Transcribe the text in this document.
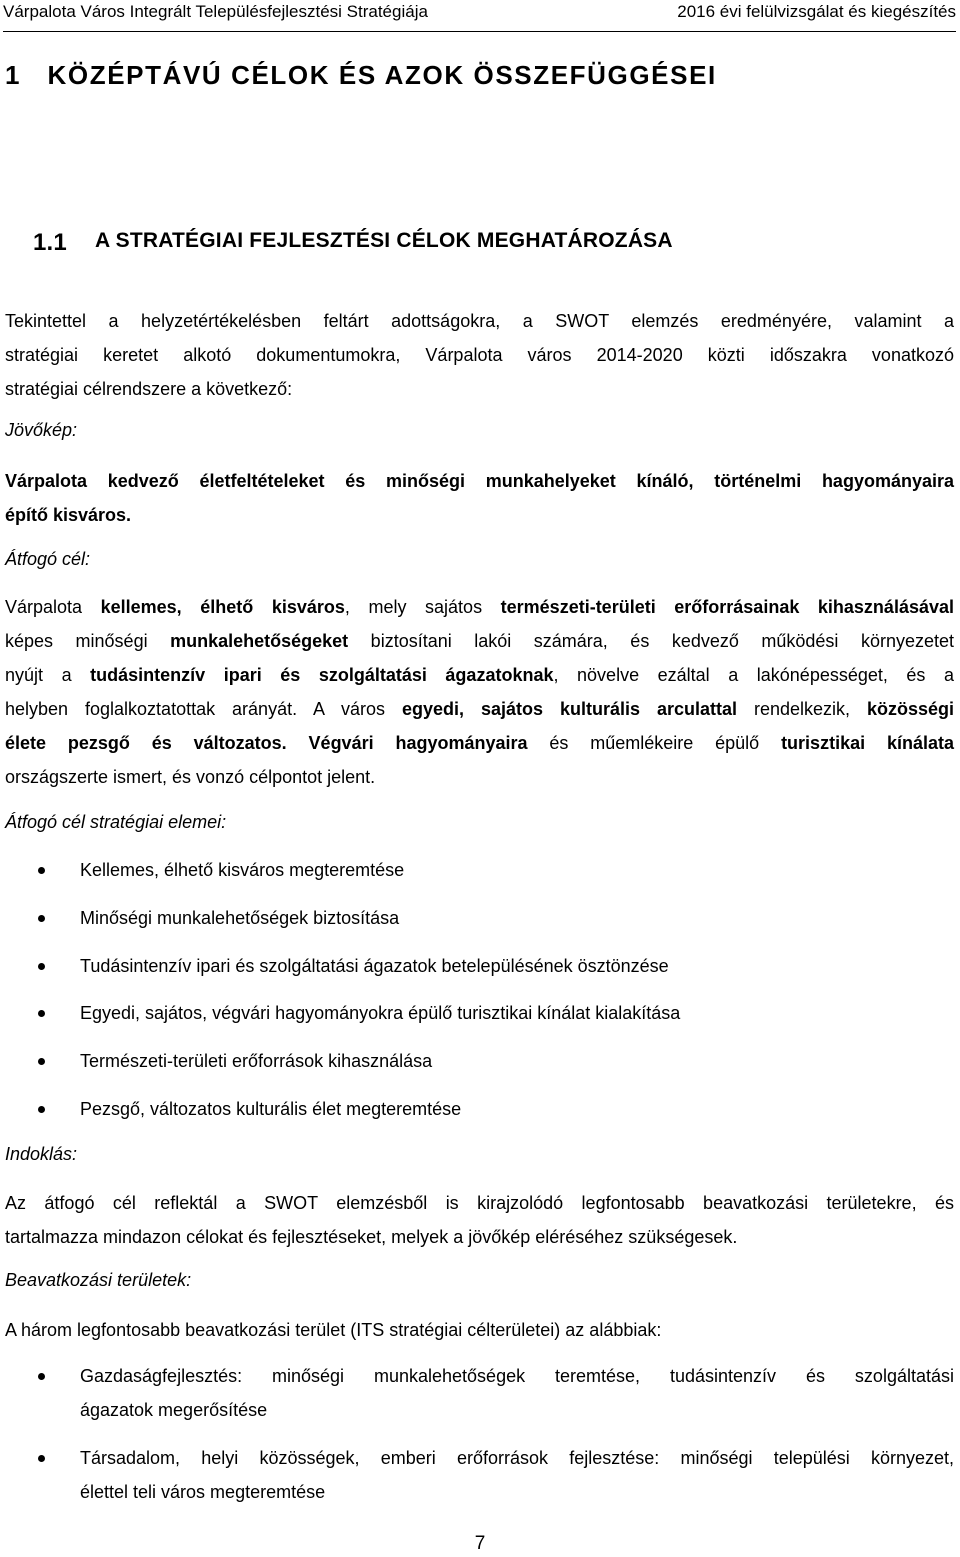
Várpalota Város Integrált Településfejlesztési Stratégiája	2016 évi felülvizsgálat és kiegészítés
1   KÖZÉPTÁVÚ CÉLOK ÉS AZOK ÖSSZEFÜGGÉSEI
1.1	A STRATÉGIAI FEJLESZTÉSI CÉLOK MEGHATÁROZÁSA
Tekintettel a helyzetértékelésben feltárt adottságokra, a SWOT elemzés eredményére, valamint a
stratégiai keretet alkotó dokumentumokra, Várpalota város 2014-2020 közti időszakra vonatkozó
stratégiai célrendszere a következő:
Jövőkép:
Várpalota kedvező életfeltételeket és minőségi munkahelyeket kínáló, történelmi hagyományaira
építő kisváros.
Átfogó cél:
Várpalota kellemes, élhető kisváros, mely sajátos természeti-területi erőforrásainak kihasználásával
képes minőségi munkalehetőségeket biztosítani lakói számára, és kedvező működési környezetet
nyújt a tudásintenzív ipari és szolgáltatási ágazatoknak, növelve ezáltal a lakónépességet, és a
helyben foglalkoztatottak arányát. A város egyedi, sajátos kulturális arculattal rendelkezik, közösségi
élete pezsgő és változatos. Végvári hagyományaira és műemlékeire épülő turisztikai kínálata
országszerte ismert, és vonzó célpontot jelent.
Átfogó cél stratégiai elemei:
Kellemes, élhető kisváros megteremtése
Minőségi munkalehetőségek biztosítása
Tudásintenzív ipari és szolgáltatási ágazatok betelepülésének ösztönzése
Egyedi, sajátos, végvári hagyományokra épülő turisztikai kínálat kialakítása
Természeti-területi erőforrások kihasználása
Pezsgő, változatos kulturális élet megteremtése
Indoklás:
Az átfogó cél reflektál a SWOT elemzésből is kirajzolódó legfontosabb beavatkozási területekre, és
tartalmazza mindazon célokat és fejlesztéseket, melyek a jövőkép eléréséhez szükségesek.
Beavatkozási területek:
A három legfontosabb beavatkozási terület (ITS stratégiai célterületei) az alábbiak:
Gazdaságfejlesztés: minőségi munkalehetőségek teremtése, tudásintenzív és szolgáltatási
ágazatok megerősítése
Társadalom, helyi közösségek, emberi erőforrások fejlesztése: minőségi települési környezet,
élettel teli város megteremtése
7
